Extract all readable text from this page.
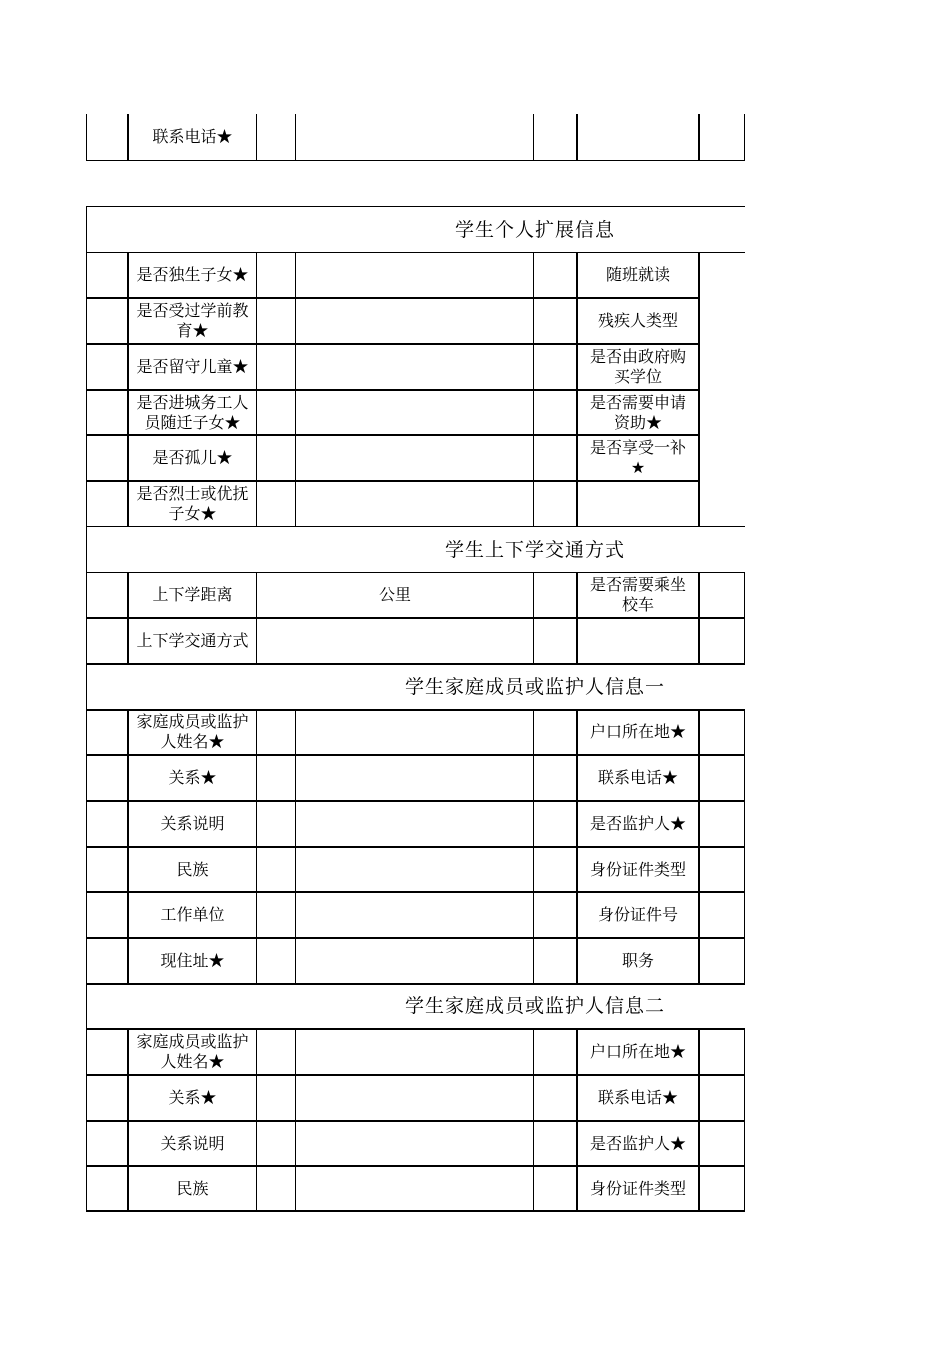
联系电话★
学生个人扩展信息
学生上下学交通方式
学生家庭成员或监护人信息一
学生家庭成员或监护人信息二
是否独生子女★
是否受过学前教
育★
是否留守儿童★
是否进城务工人
员随迁子女★
是否孤儿★
是否烈士或优抚
子女★
随班就读
残疾人类型
是否由政府购
买学位
是否需要申请
资助★
是否享受一补
★
上下学距离	公里
是否需要乘坐
校车
上下学交通方式
家庭成员或监护
人姓名★
关系★
关系说明
民族
工作单位
现住址★
户口所在地★
联系电话★
是否监护人★
身份证件类型
身份证件号
职务
家庭成员或监护
人姓名★
关系★
关系说明
民族
户口所在地★
联系电话★
是否监护人★
身份证件类型
